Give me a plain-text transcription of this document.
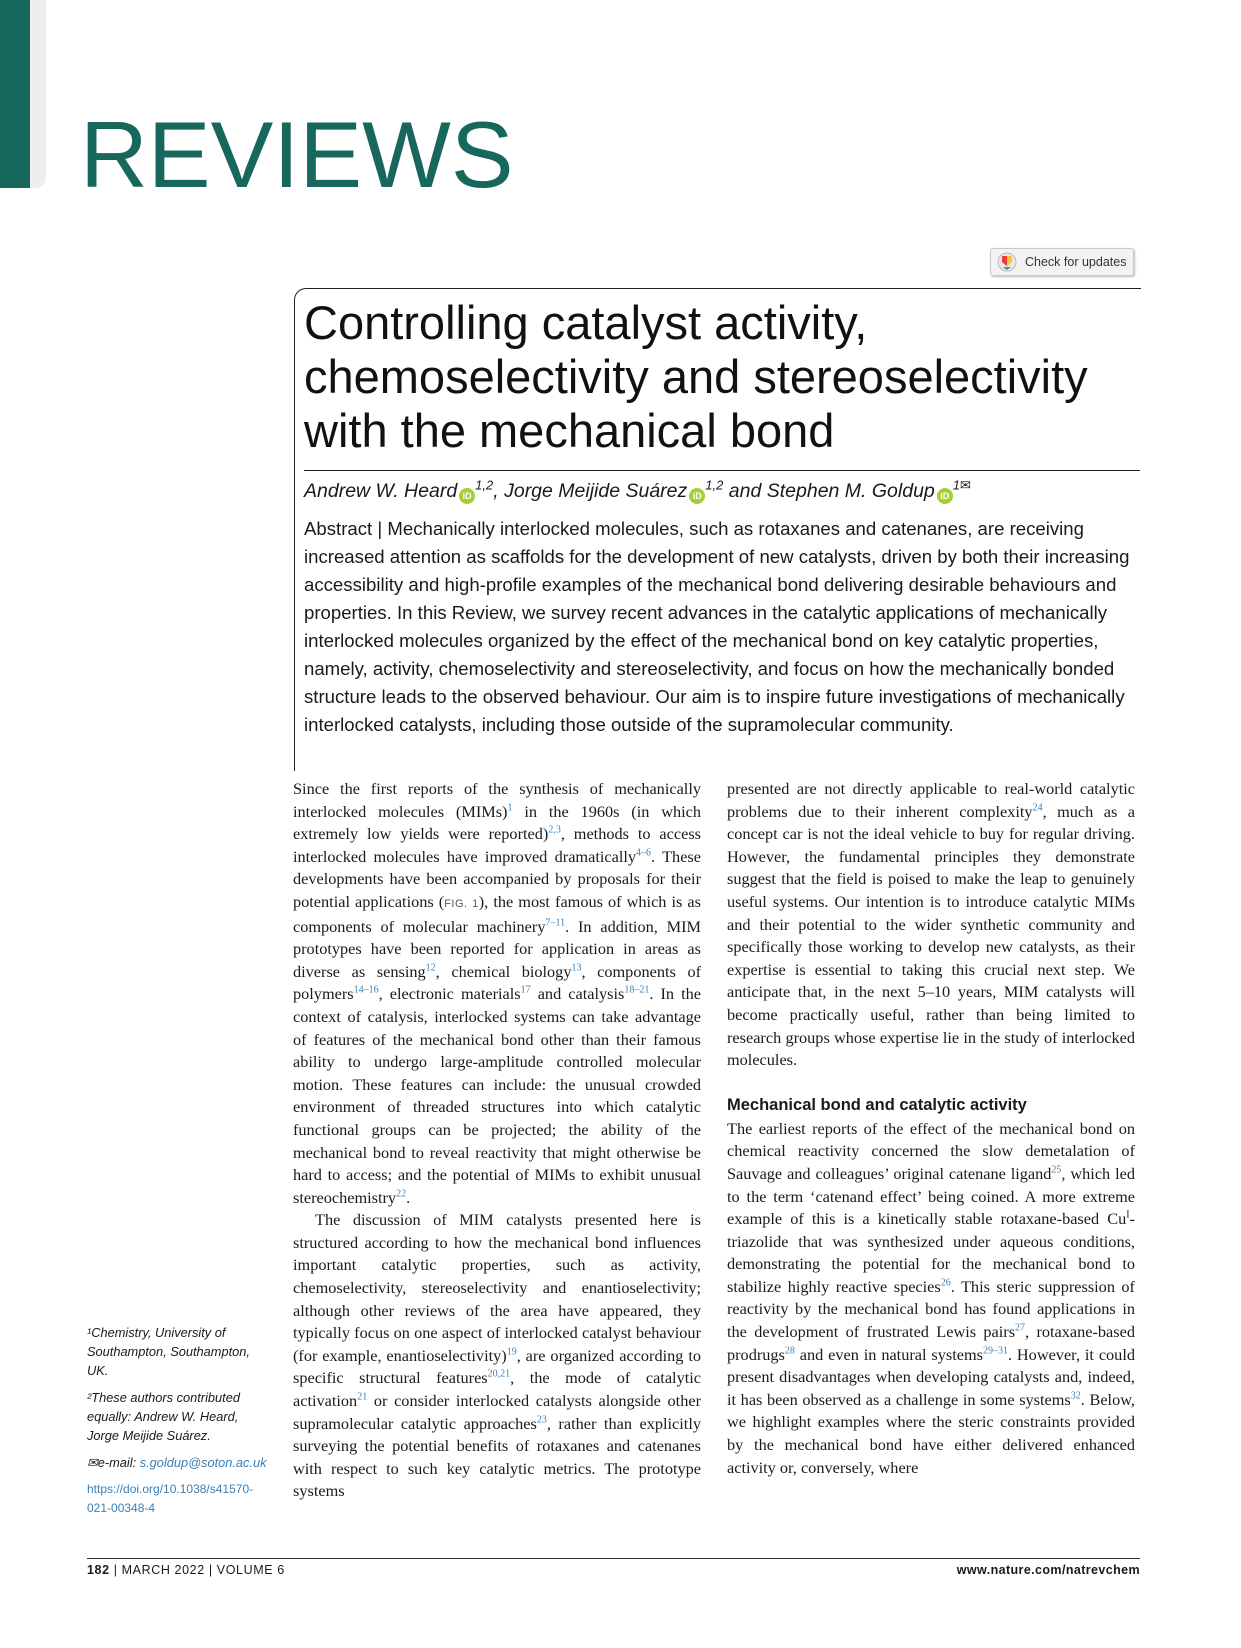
REVIEWS
Check for updates
Controlling catalyst activity, chemoselectivity and stereoselectivity with the mechanical bond
Andrew W. Heard iD$^{1,2}$, Jorge Meijide Suárez iD$^{1,2}$ and Stephen M. Goldup iD$^{1✉}$

Abstract | Mechanically interlocked molecules, such as rotaxanes and catenanes, are receiving increased attention as scaffolds for the development of new catalysts, driven by both their increasing accessibility and high-profile examples of the mechanical bond delivering desirable behaviours and properties. In this Review, we survey recent advances in the catalytic applications of mechanically interlocked molecules organized by the effect of the mechanical bond on key catalytic properties, namely, activity, chemoselectivity and stereoselectivity, and focus on how the mechanically bonded structure leads to the observed behaviour. Our aim is to inspire future investigations of mechanically interlocked catalysts, including those outside of the supramolecular community.

Since the first reports of the synthesis of mechanically interlocked molecules (MIMs)$^1$ in the 1960s (in which extremely low yields were reported)$^{2,3}$, methods to access interlocked molecules have improved dramatically$^{4-6}$. These developments have been accompanied by proposals for their potential applications (FIG. 1), the most famous of which is as components of molecular machinery$^{7-11}$. In addition, MIM prototypes have been reported for application in areas as diverse as sensing$^{12}$, chemical biology$^{13}$, components of polymers$^{14-16}$, electronic materials$^{17}$ and catalysis$^{18-21}$. In the context of catalysis, interlocked systems can take advantage of features of the mechanical bond other than their famous ability to undergo large-amplitude controlled molecular motion. These features can include: the unusual crowded environment of threaded structures into which catalytic functional groups can be projected; the ability of the mechanical bond to reveal reactivity that might otherwise be hard to access; and the potential of MIMs to exhibit unusual stereochemistry$^{22}$.

The discussion of MIM catalysts presented here is structured according to how the mechanical bond influences important catalytic properties, such as activity, chemoselectivity, stereoselectivity and enantioselectivity; although other reviews of the area have appeared, they typically focus on one aspect of interlocked catalyst behaviour (for example, enantioselectivity)$^{19}$, are organized according to specific structural features$^{20,21}$, the mode of catalytic activation$^{21}$ or consider interlocked catalysts alongside other supramolecular catalytic approaches$^{23}$, rather than explicitly surveying the potential benefits of rotaxanes and catenanes with respect to such key catalytic metrics. The prototype systems

presented are not directly applicable to real-world catalytic problems due to their inherent complexity$^{24}$, much as a concept car is not the ideal vehicle to buy for regular driving. However, the fundamental principles they demonstrate suggest that the field is poised to make the leap to genuinely useful systems. Our intention is to introduce catalytic MIMs and their potential to the wider synthetic community and specifically those working to develop new catalysts, as their expertise is essential to taking this crucial next step. We anticipate that, in the next 5–10 years, MIM catalysts will become practically useful, rather than being limited to research groups whose expertise lie in the study of interlocked molecules.

Mechanical bond and catalytic activity

The earliest reports of the effect of the mechanical bond on chemical reactivity concerned the slow demetalation of Sauvage and colleagues’ original catenane ligand$^{25}$, which led to the term ‘catenand effect’ being coined. A more extreme example of this is a kinetically stable rotaxane-based $Cu^I$-triazolide that was synthesized under aqueous conditions, demonstrating the potential for the mechanical bond to stabilize highly reactive species$^{26}$. This steric suppression of reactivity by the mechanical bond has found applications in the development of frustrated Lewis pairs$^{27}$, rotaxane-based prodrugs$^{28}$ and even in natural systems$^{29-31}$. However, it could present disadvantages when developing catalysts and, indeed, it has been observed as a challenge in some systems$^{32}$. Below, we highlight examples where the steric constraints provided by the mechanical bond have either delivered enhanced activity or, conversely, where

¹Chemistry, University of Southampton, Southampton, UK.

²These authors contributed equally: Andrew W. Heard, Jorge Meijide Suárez.

✉e-mail: s.goldup@soton.ac.uk

https://doi.org/10.1038/s41570-021-00348-4

182 | MARCH 2022 | VOLUME 6	www.nature.com/natrevchem
